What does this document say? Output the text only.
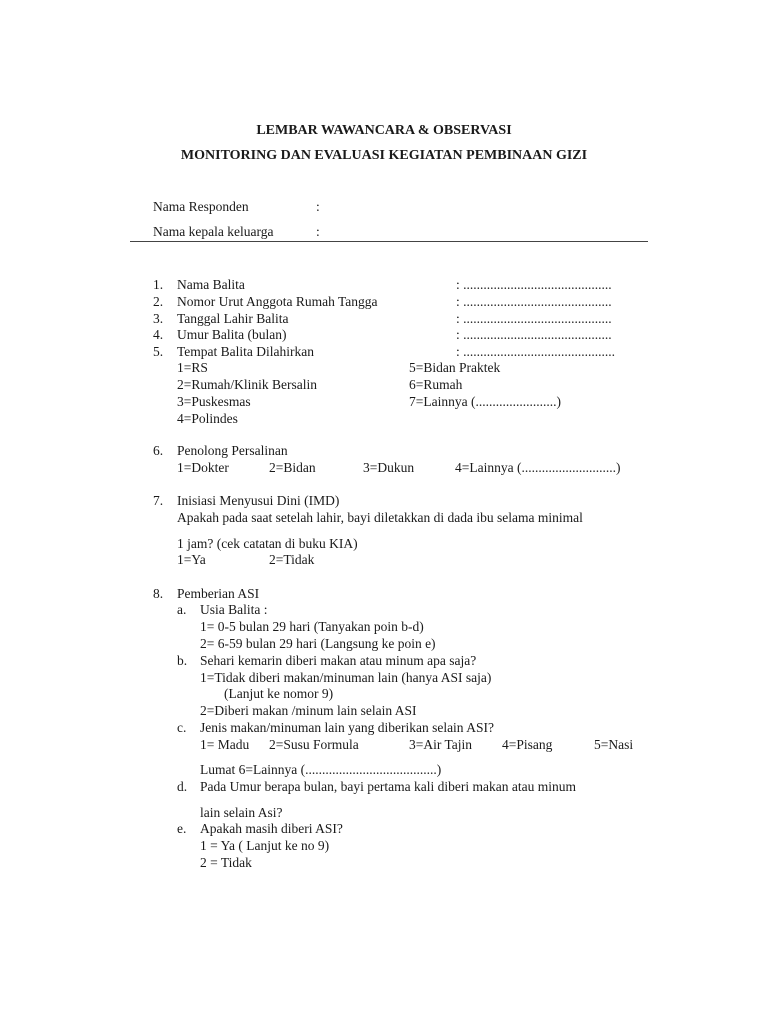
LEMBAR WAWANCARA & OBSERVASI
MONITORING DAN EVALUASI KEGIATAN PEMBINAAN GIZI
Nama Responden	:
Nama kepala keluarga	:
1. Nama Balita	: ............................................
2. Nomor Urut Anggota Rumah Tangga	: ............................................
3. Tanggal Lahir Balita	: ............................................
4. Umur Balita (bulan)	: ............................................
5. Tempat Balita Dilahirkan	: .............................................
1=RS	5=Bidan Praktek
2=Rumah/Klinik Bersalin	6=Rumah
3=Puskesmas	7=Lainnya (........................)
4=Polindes
6. Penolong Persalinan
1=Dokter	2=Bidan	3=Dukun	4=Lainnya (............................)
7. Inisiasi Menyusui Dini (IMD)
Apakah pada saat setelah lahir, bayi diletakkan di dada ibu selama minimal
1 jam? (cek catatan di buku KIA)
1=Ya	2=Tidak
8. Pemberian ASI
a. Usia Balita :
1= 0-5 bulan 29 hari (Tanyakan poin b-d)
2= 6-59 bulan 29 hari (Langsung ke poin e)
b. Sehari kemarin diberi makan atau minum apa saja?
1=Tidak diberi makan/minuman lain (hanya ASI saja)
(Lanjut ke nomor 9)
2=Diberi makan /minum lain selain ASI
c. Jenis makan/minuman lain yang diberikan selain ASI?
1= Madu 2=Susu Formula	3=Air Tajin 4=Pisang	5=Nasi
Lumat 6=Lainnya (.......................................)
d. Pada Umur berapa bulan, bayi pertama kali diberi makan atau minum
lain selain Asi?
e. Apakah masih diberi ASI?
1 = Ya ( Lanjut ke no 9)
2 = Tidak
